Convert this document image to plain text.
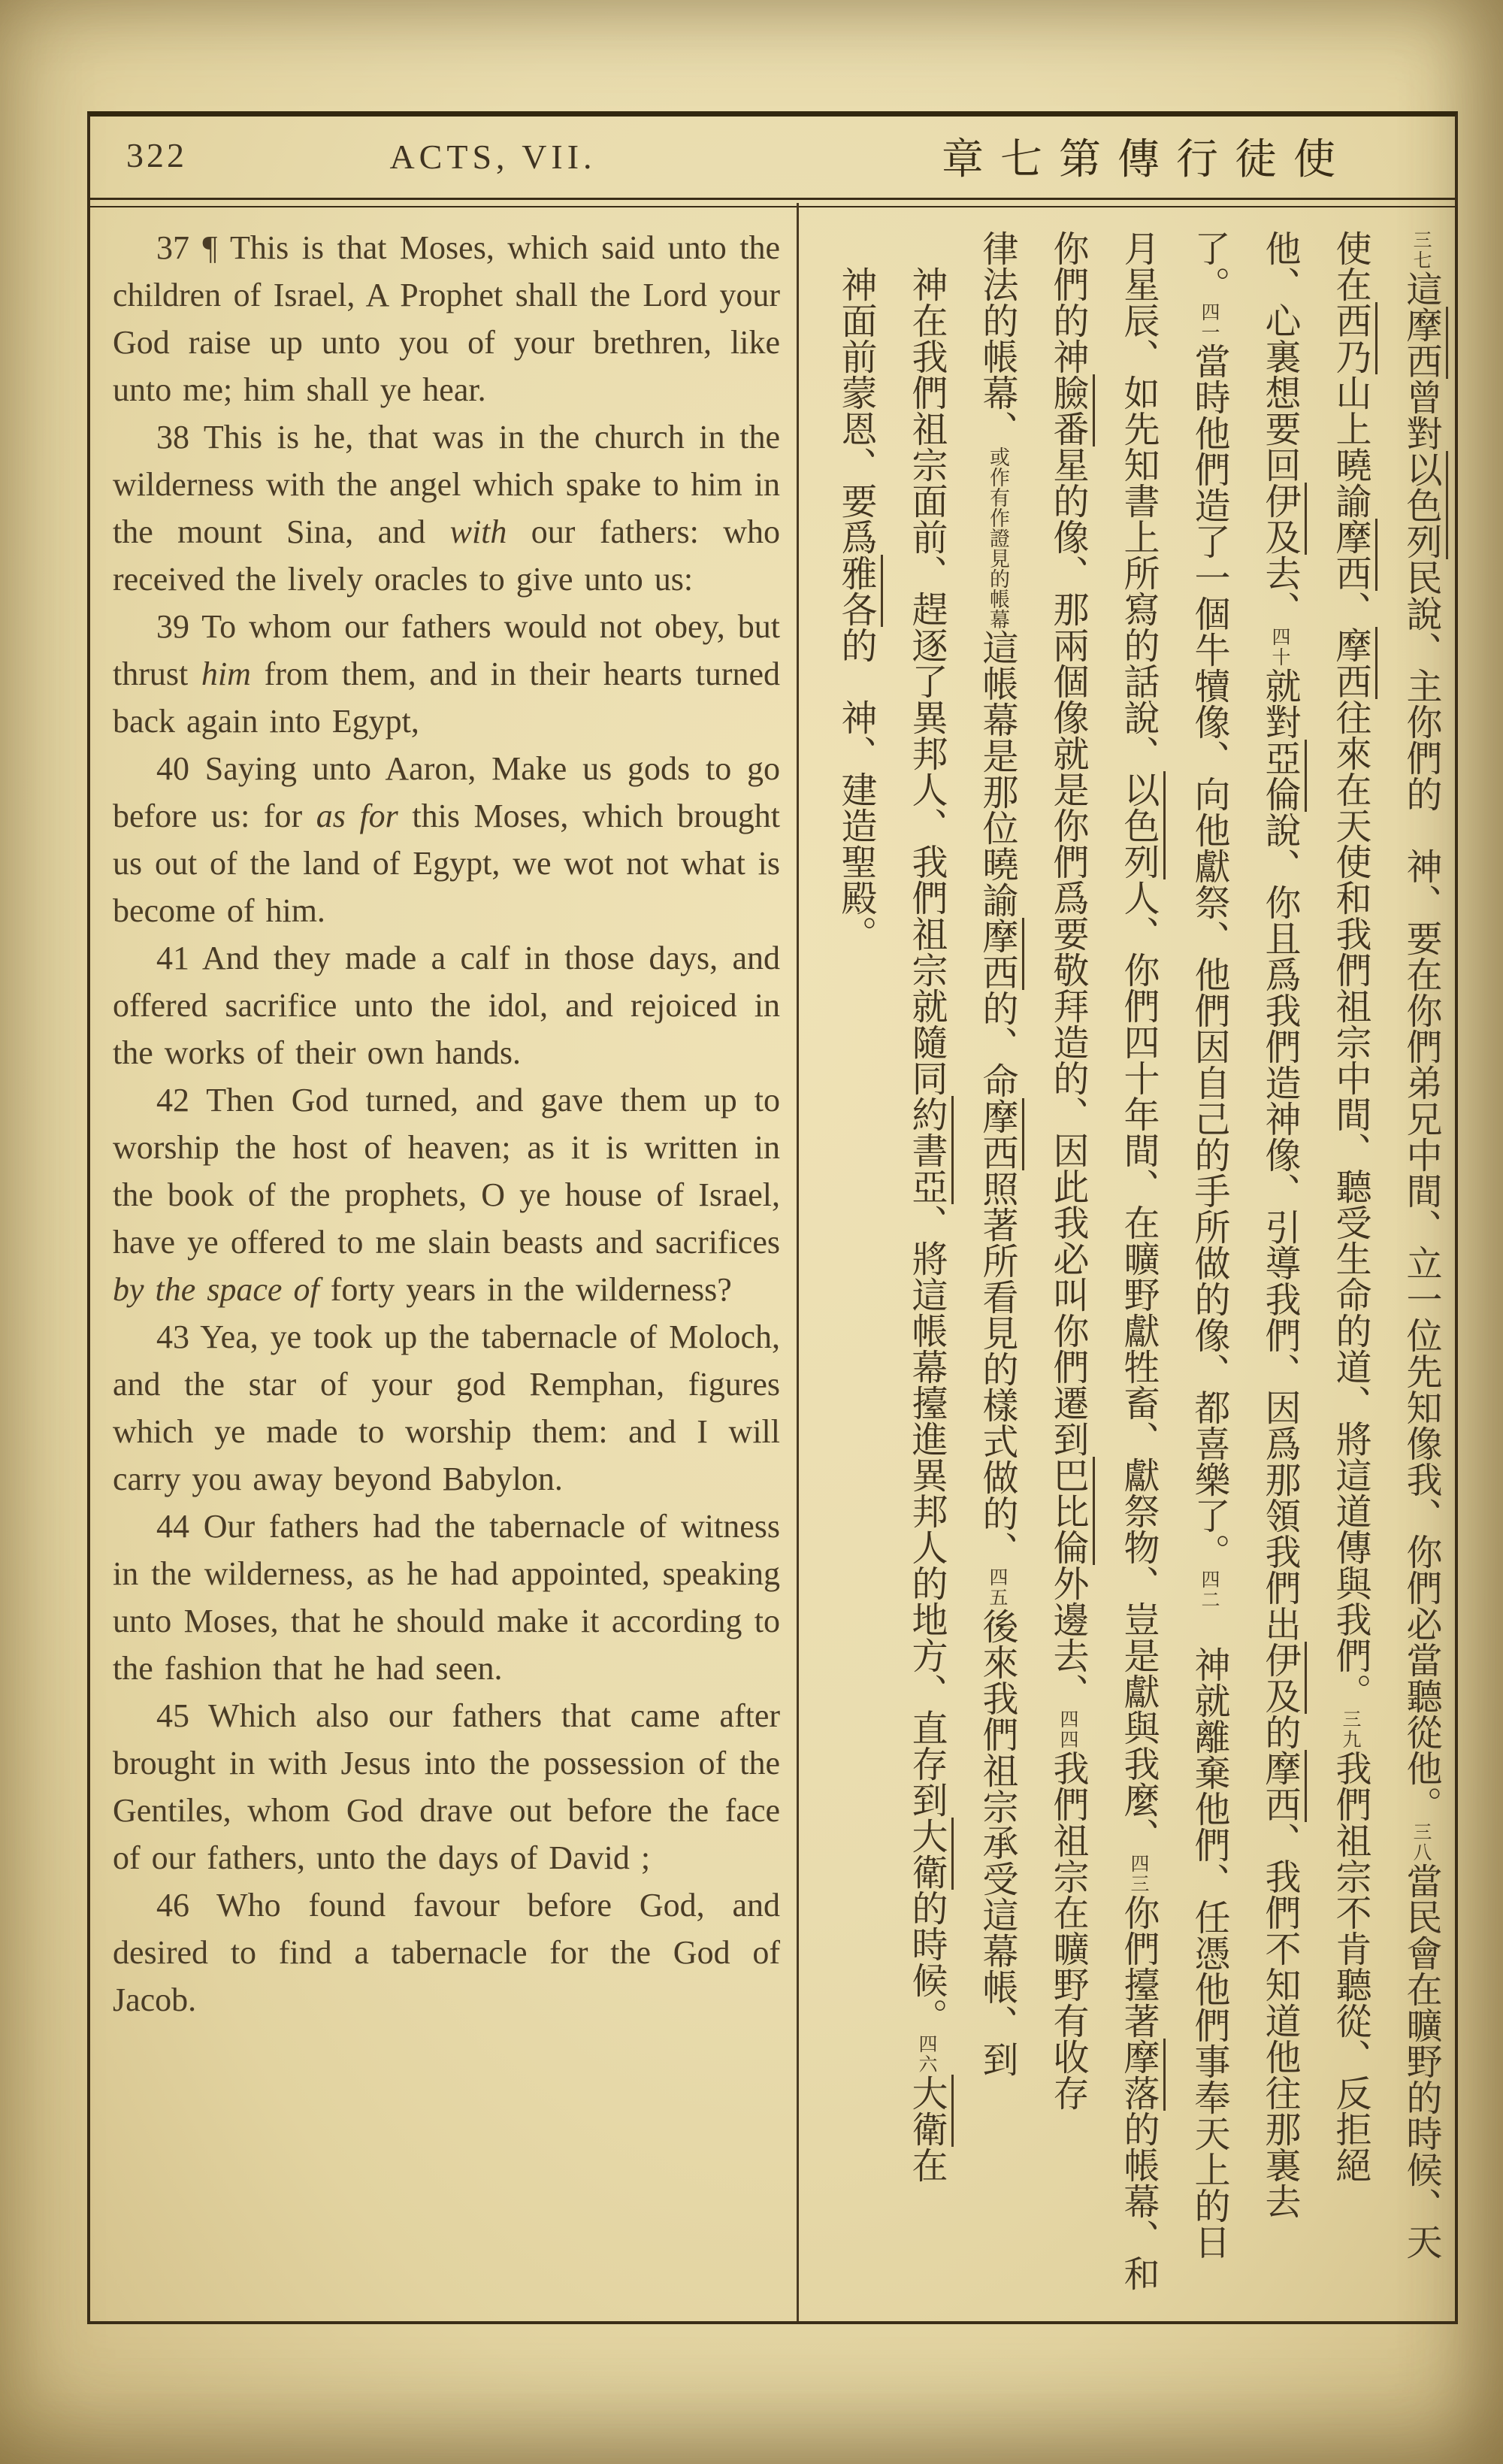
322	ACTS, VII.	章七第傳行徒使

37 ¶ This is that Moses, which said unto the children of Israel, A Prophet shall the Lord your God raise up unto you of your brethren, like unto me; him shall ye hear.

38 This is he, that was in the church in the wilderness with the angel which spake to him in the mount Sina, and with our fathers: who received the lively oracles to give unto us:

39 To whom our fathers would not obey, but thrust him from them, and in their hearts turned back again into Egypt,

40 Saying unto Aaron, Make us gods to go before us: for as for this Moses, which brought us out of the land of Egypt, we wot not what is become of him.

41 And they made a calf in those days, and offered sacrifice unto the idol, and rejoiced in the works of their own hands.

42 Then God turned, and gave them up to worship the host of heaven; as it is written in the book of the prophets, O ye house of Israel, have ye offered to me slain beasts and sacrifices by the space of forty years in the wilderness?

43 Yea, ye took up the tabernacle of Moloch, and the star of your god Remphan, figures which ye made to worship them: and I will carry you away beyond Babylon.

44 Our fathers had the tabernacle of witness in the wilderness, as he had appointed, speaking unto Moses, that he should make it according to the fashion that he had seen.

45 Which also our fathers that came after brought in with Jesus into the possession of the Gentiles, whom God drave out before the face of our fathers, unto the days of David ;

46 Who found favour before God, and desired to find a tabernacle for the God of Jacob.

三七這摩西曾對以色列民說、主你們的　神、要在你們弟兄中間、立一位先知像我、你們必當聽從他。三八當民會在曠野的時候、天
使在西乃山上曉諭摩西、摩西往來在天使和我們祖宗中間、聽受生命的道、將這道傳與我們。三九我們祖宗不肯聽從、反拒絕
他、心裏想要回伊及去、四十就對亞倫說、你且爲我們造神像、引導我們、因爲那領我們出伊及的摩西、我們不知道他往那裏去
了。四一當時他們造了一個牛犢像、向他獻祭、他們因自己的手所做的像、都喜樂了。四二　神就離棄他們、任憑他們事奉天上的日
月星辰、如先知書上所寫的話說、以色列人、你們四十年間、在曠野獻牲畜、獻祭物、豈是獻與我麼、四三你們擡著摩落的帳幕、和
你們的神臉番星的像、那兩個像就是你們爲要敬拜造的、因此我必叫你們遷到巴比倫外邊去、四四我們祖宗在曠野有收存
律法的帳幕、或作有作證見的帳幕這帳幕是那位曉諭摩西的、命摩西照著所看見的樣式做的、四五後來我們祖宗承受這幕帳、到
　神在我們祖宗面前、趕逐了異邦人、我們祖宗就隨同約書亞、將這帳幕擡進異邦人的地方、直存到大衛的時候。四六大衛在
　神面前蒙恩、要爲雅各的　神、建造聖殿。
